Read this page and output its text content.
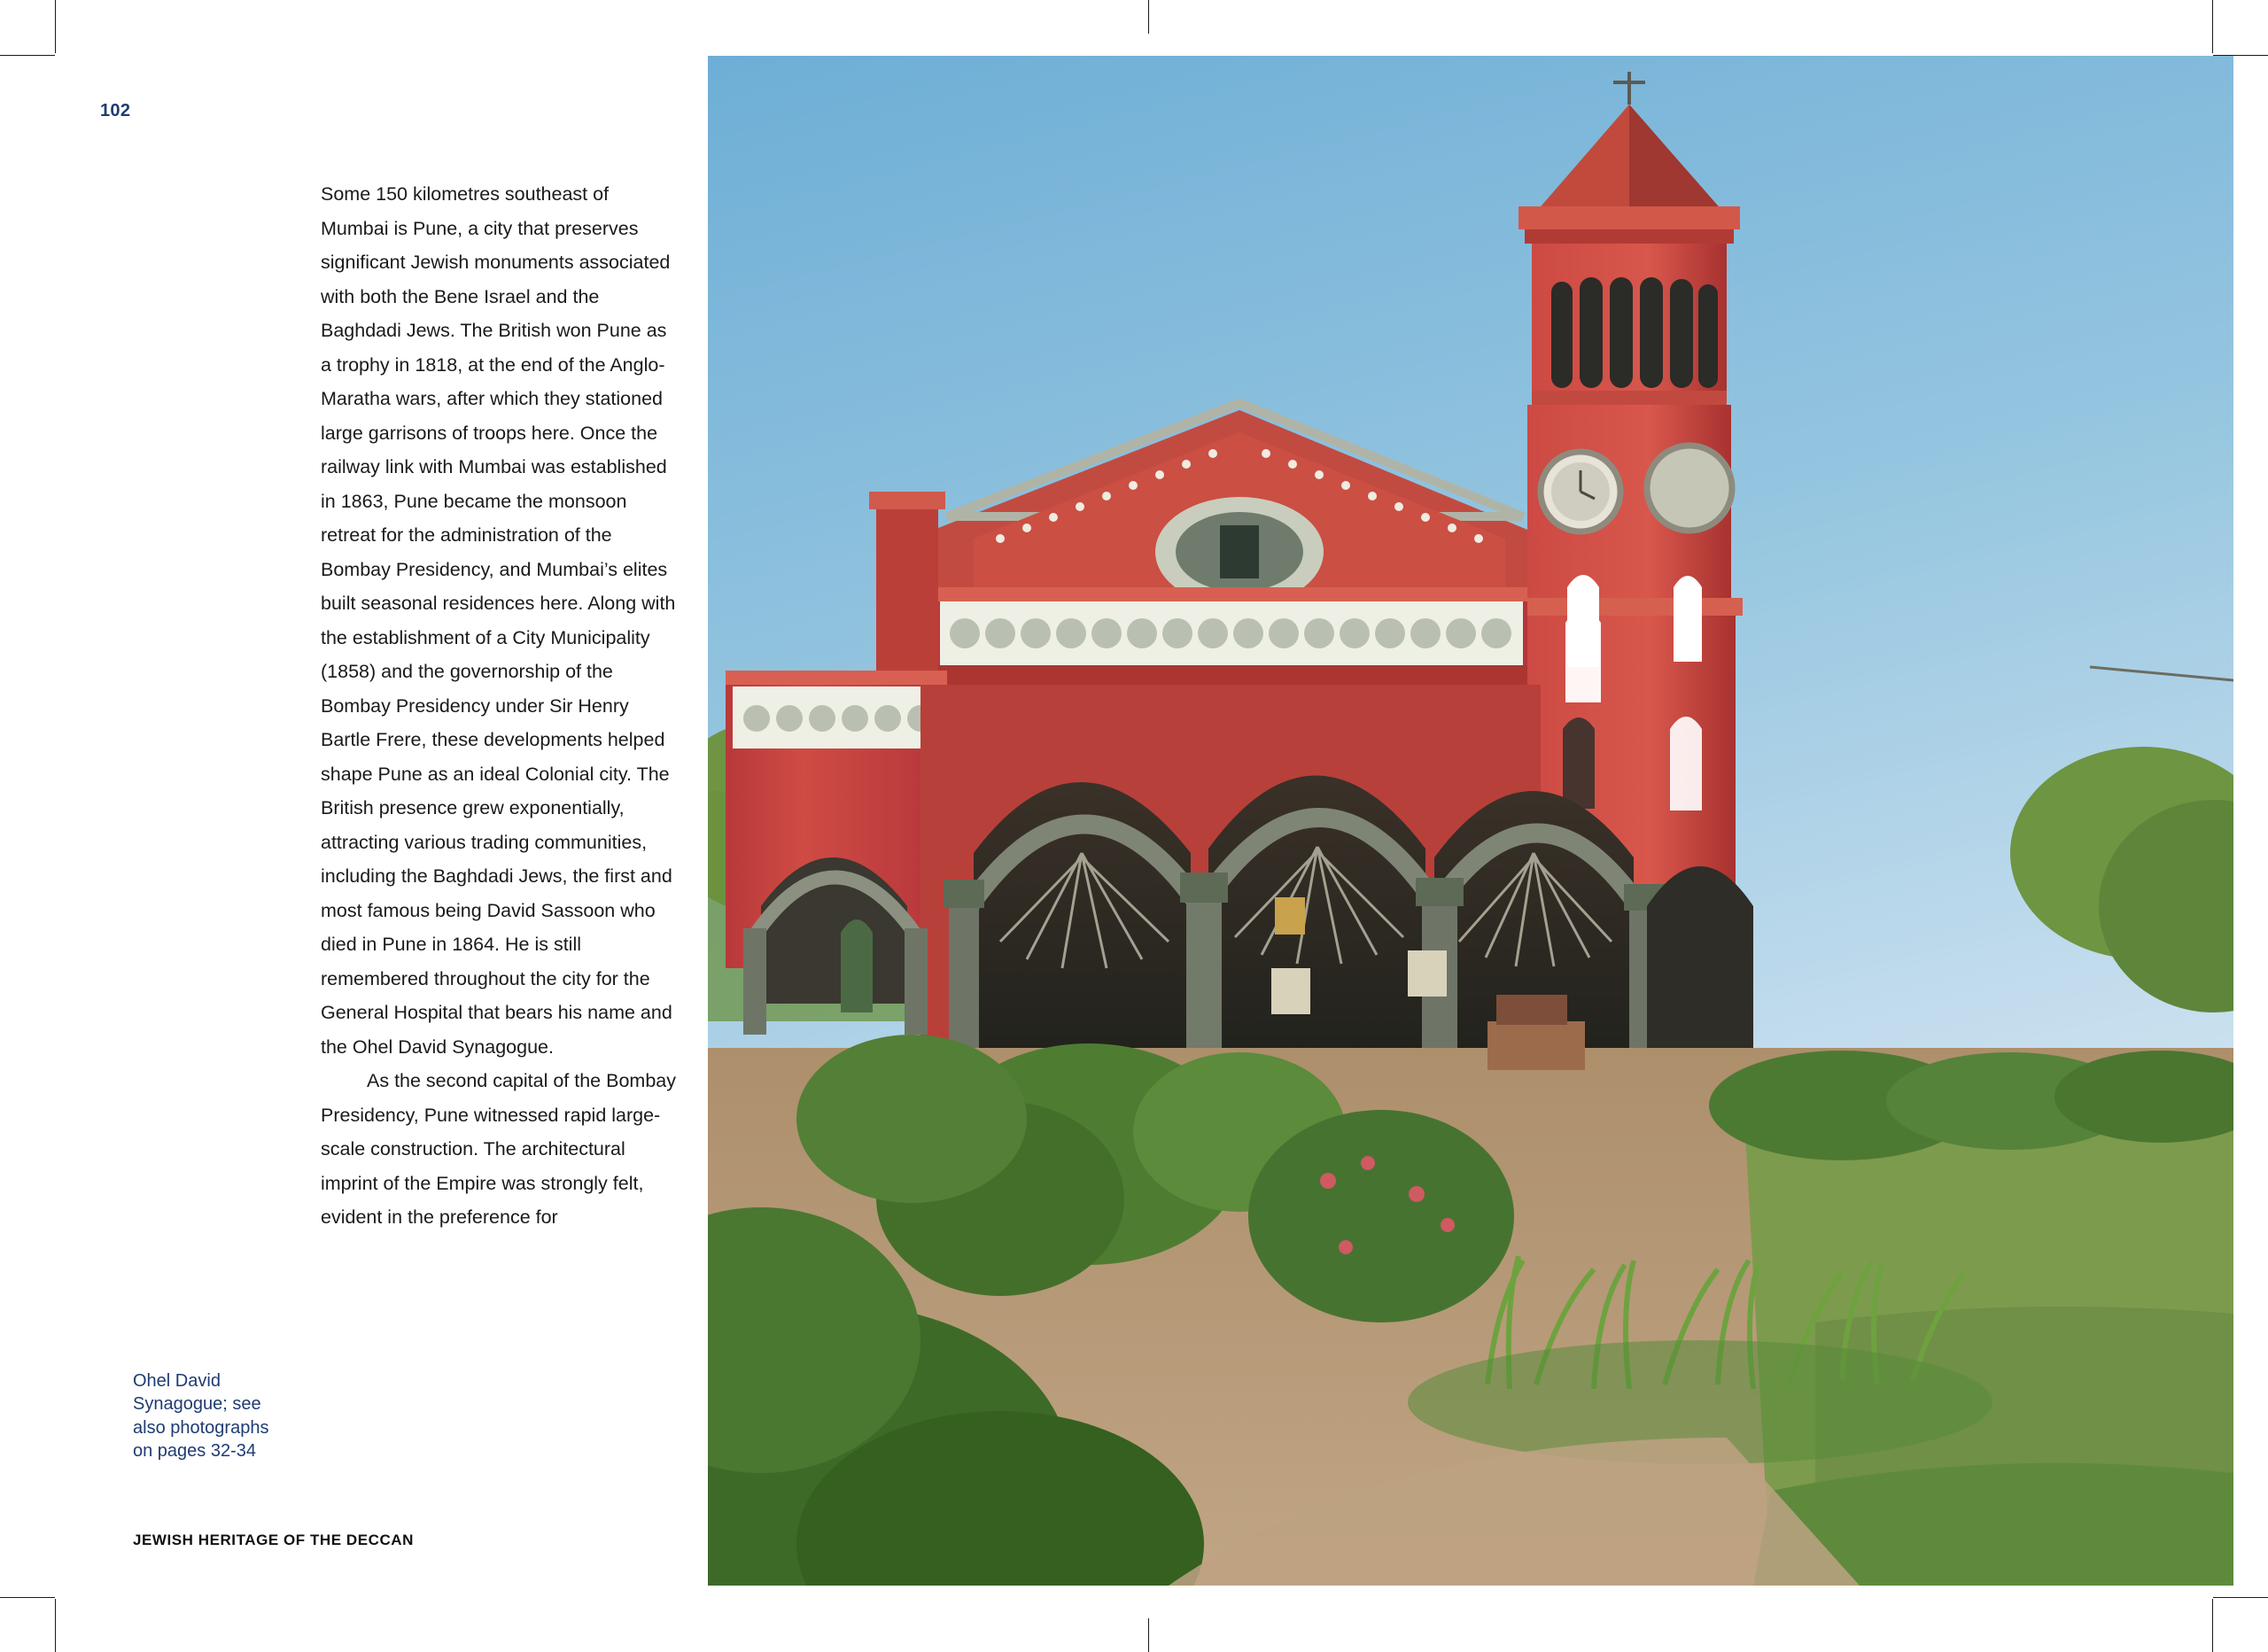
102

Some 150 kilometres southeast of Mumbai is Pune, a city that preserves significant Jewish monuments associated with both the Bene Israel and the Baghdadi Jews. The British won Pune as a trophy in 1818, at the end of the Anglo-Maratha wars, after which they stationed large garrisons of troops here. Once the railway link with Mumbai was established in 1863, Pune became the monsoon retreat for the administration of the Bombay Presidency, and Mumbai’s elites built seasonal residences here. Along with the establishment of a City Municipality (1858) and the governorship of the Bombay Presidency under Sir Henry Bartle Frere, these developments helped shape Pune as an ideal Colonial city. The British presence grew exponentially, attracting various trading communities, including the Baghdadi Jews, the first and most famous being David Sassoon who died in Pune in 1864. He is still remembered throughout the city for the General Hospital that bears his name and the Ohel David Synagogue.

As the second capital of the Bombay Presidency, Pune witnessed rapid large-scale construction. The architectural imprint of the Empire was strongly felt, evident in the preference for

Ohel David Synagogue; see also photographs on pages 32-34
JEWISH HERITAGE OF THE DECCAN
